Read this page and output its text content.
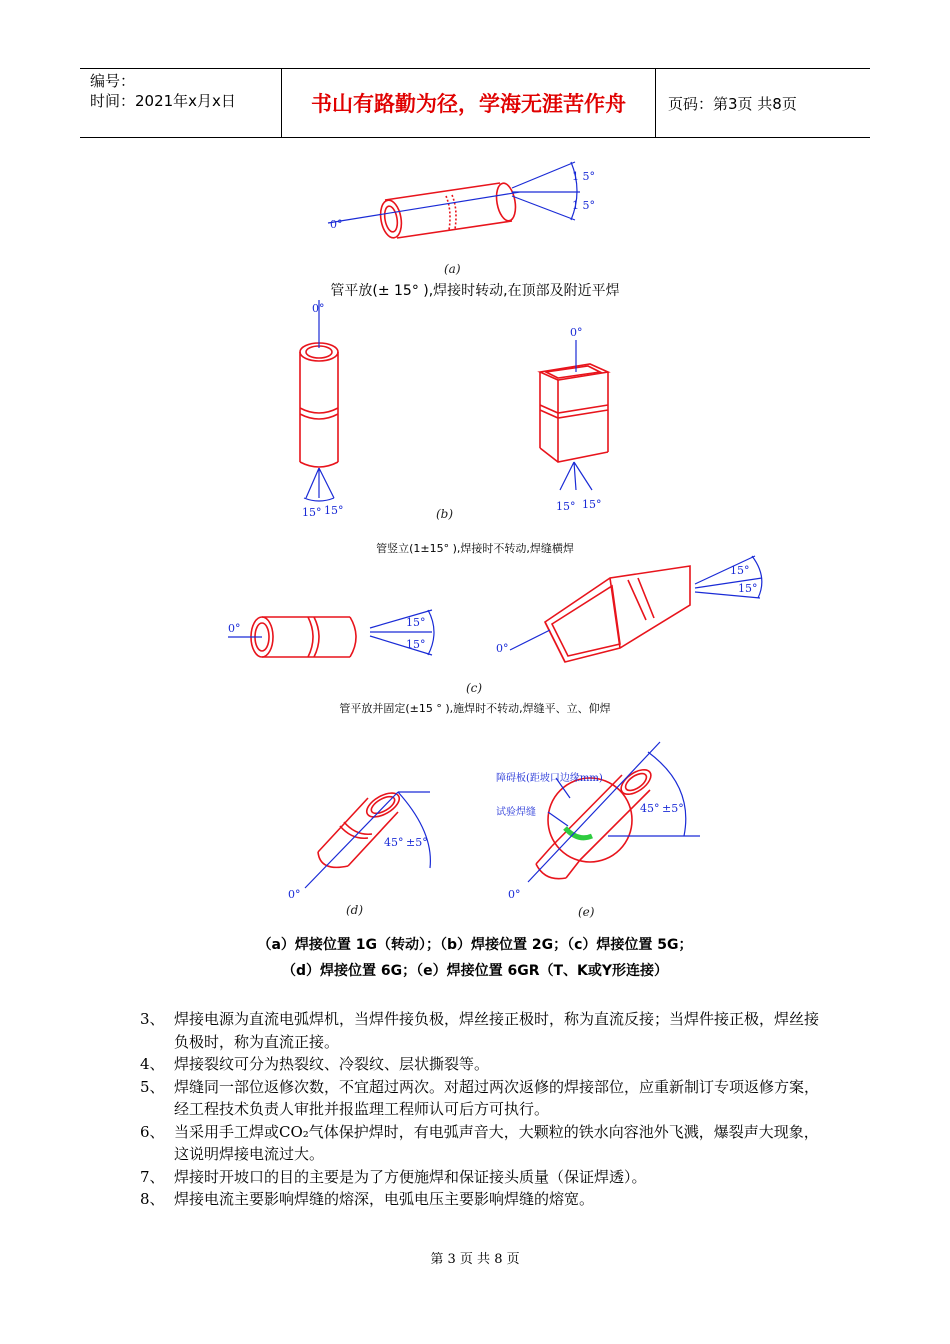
编号：
时间：2021年x月x日	书山有路勤为径，学海无涯苦作舟	页码：第3页 共8页
0°
1 5°
1 5°
0°
15° 15°
0°
15° 15°
0°	15°
15°	0°
15°
15°
45° ±5°
0°
45° ±5°
0°
障碍板(距坡口边缘mm)
试验焊缝
(a)
(b)
(c)
(d)	(e)
管平放(± 15° ),焊接时转动,在顶部及附近平焊
管竖立(1±15° ),焊接时不转动,焊缝横焊
管平放并固定(±15 ° ),施焊时不转动,焊缝平、立、仰焊
（a）焊接位置 1G（转动）；（b）焊接位置 2G；（c）焊接位置 5G；
（d）焊接位置 6G；（e）焊接位置 6GR（T、K或Y形连接）
3、 焊接电源为直流电弧焊机，当焊件接负极，焊丝接正极时，称为直流反接；当焊件接正极，焊丝接负极时，称为直流正接。
4、 焊接裂纹可分为热裂纹、冷裂纹、层状撕裂等。
5、 焊缝同一部位返修次数，不宜超过两次。对超过两次返修的焊接部位，应重新制订专项返修方案，经工程技术负责人审批并报监理工程师认可后方可执行。
6、 当采用手工焊或CO₂气体保护焊时，有电弧声音大，大颗粒的铁水向容池外飞溅，爆裂声大现象，这说明焊接电流过大。
7、 焊接时开坡口的目的主要是为了方便施焊和保证接头质量（保证焊透）。
8、 焊接电流主要影响焊缝的熔深，电弧电压主要影响焊缝的熔宽。
第 3 页 共 8 页
